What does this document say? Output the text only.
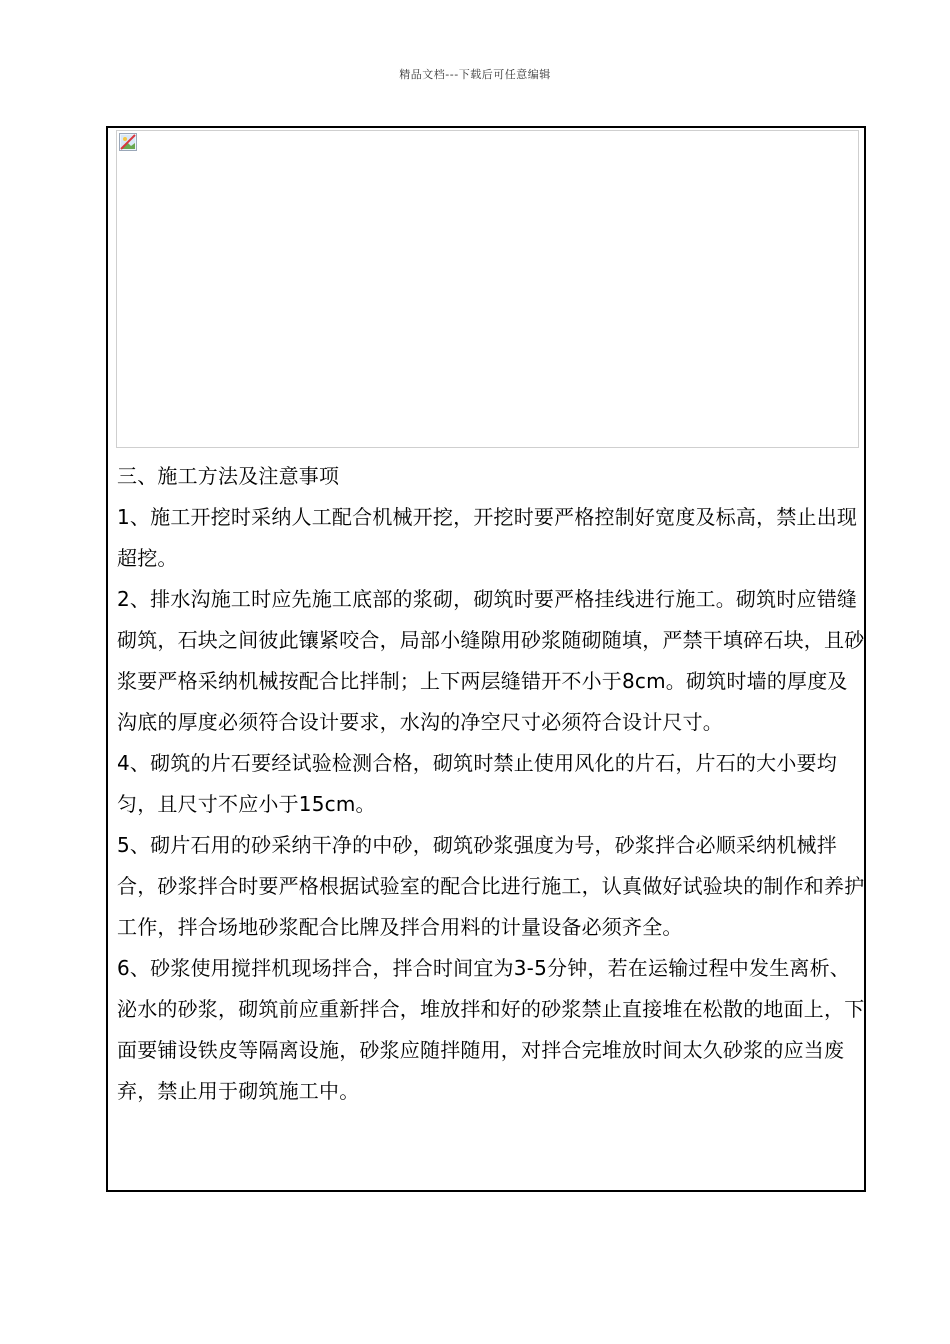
精品文档---下载后可任意编辑

三、施工方法及注意事项

1、施工开挖时采纳人工配合机械开挖，开挖时要严格控制好宽度及标高，禁止出现超挖。

2、排水沟施工时应先施工底部的浆砌，砌筑时要严格挂线进行施工。砌筑时应错缝砌筑，石块之间彼此镶紧咬合，局部小缝隙用砂浆随砌随填，严禁干填碎石块，且砂浆要严格采纳机械按配合比拌制；上下两层缝错开不小于8cm。砌筑时墙的厚度及沟底的厚度必须符合设计要求，水沟的净空尺寸必须符合设计尺寸。

4、砌筑的片石要经试验检测合格，砌筑时禁止使用风化的片石，片石的大小要均匀，且尺寸不应小于15cm。

5、砌片石用的砂采纳干净的中砂，砌筑砂浆强度为号，砂浆拌合必顺采纳机械拌合，砂浆拌合时要严格根据试验室的配合比进行施工，认真做好试验块的制作和养护工作，拌合场地砂浆配合比牌及拌合用料的计量设备必须齐全。

6、砂浆使用搅拌机现场拌合，拌合时间宜为3-5分钟，若在运输过程中发生离析、泌水的砂浆，砌筑前应重新拌合，堆放拌和好的砂浆禁止直接堆在松散的地面上，下面要铺设铁皮等隔离设施，砂浆应随拌随用，对拌合完堆放时间太久砂浆的应当废弃，禁止用于砌筑施工中。
